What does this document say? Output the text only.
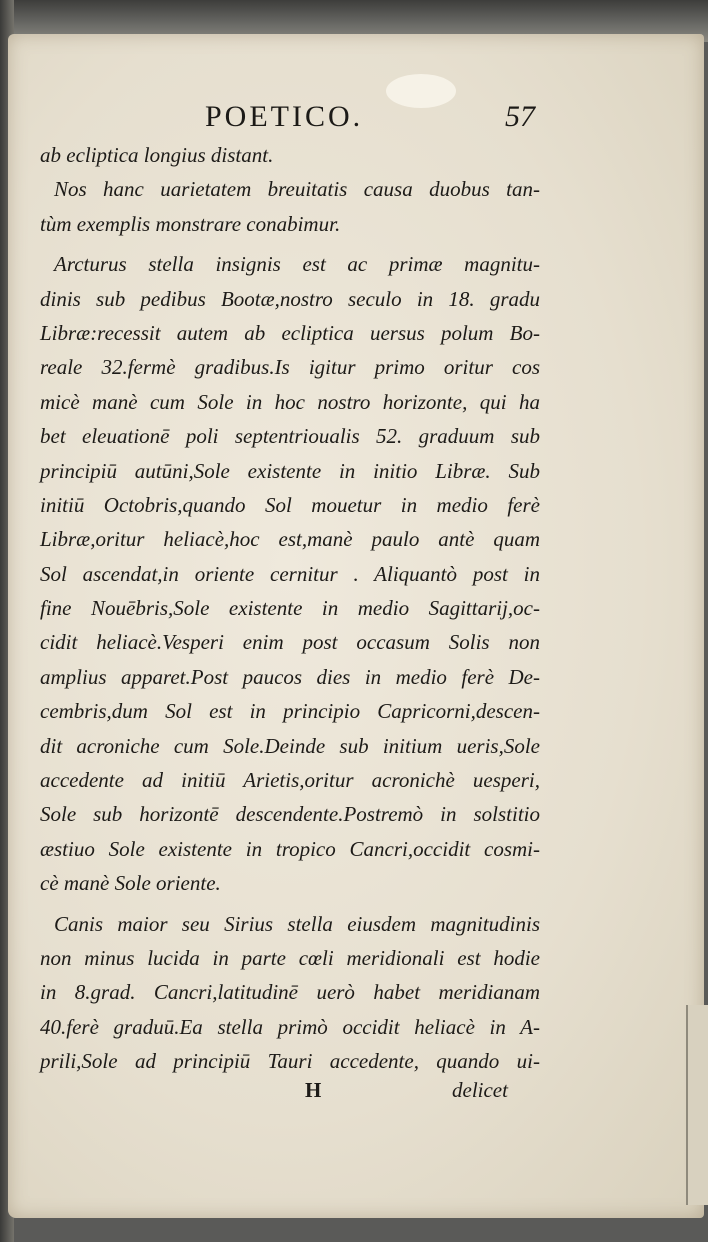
POETICO.	57
ab ecliptica longius distant.
Nos hanc uarietatem breuitatis causa duobus tan-
tùm exemplis monstrare conabimur.
Arcturus stella insignis est ac primæ magnitu-
dinis sub pedibus Bootæ,nostro seculo in 18. gradu
Libræ:recessit autem ab ecliptica uersus polum Bo-
reale 32.fermè gradibus.Is igitur primo oritur cos
micè manè cum Sole in hoc nostro horizonte, qui ha
bet eleuationē poli septentrioualis 52. graduum sub
principiū autūni,Sole existente in initio Libræ. Sub
initiū Octobris,quando Sol mouetur in medio ferè
Libræ,oritur heliacè,hoc est,manè paulo antè quam
Sol ascendat,in oriente cernitur . Aliquantò post in
fine Nouēbris,Sole existente in medio Sagittarij,oc-
cidit heliacè.Vesperi enim post occasum Solis non
amplius apparet.Post paucos dies in medio ferè De-
cembris,dum Sol est in principio Capricorni,descen-
dit acroniche cum Sole.Deinde sub initium ueris,Sole
accedente ad initiū Arietis,oritur acronichè uesperi,
Sole sub horizontē descendente.Postremò in solstitio
æstiuo Sole existente in tropico Cancri,occidit cosmi-
cè manè Sole oriente.
Canis maior seu Sirius stella eiusdem magnitudinis
non minus lucida in parte cœli meridionali est hodie
in 8.grad. Cancri,latitudinē uerò habet meridianam
40.ferè graduū.Ea stella primò occidit heliacè in A-
prili,Sole ad principiū Tauri accedente, quando ui-
H	delicet
